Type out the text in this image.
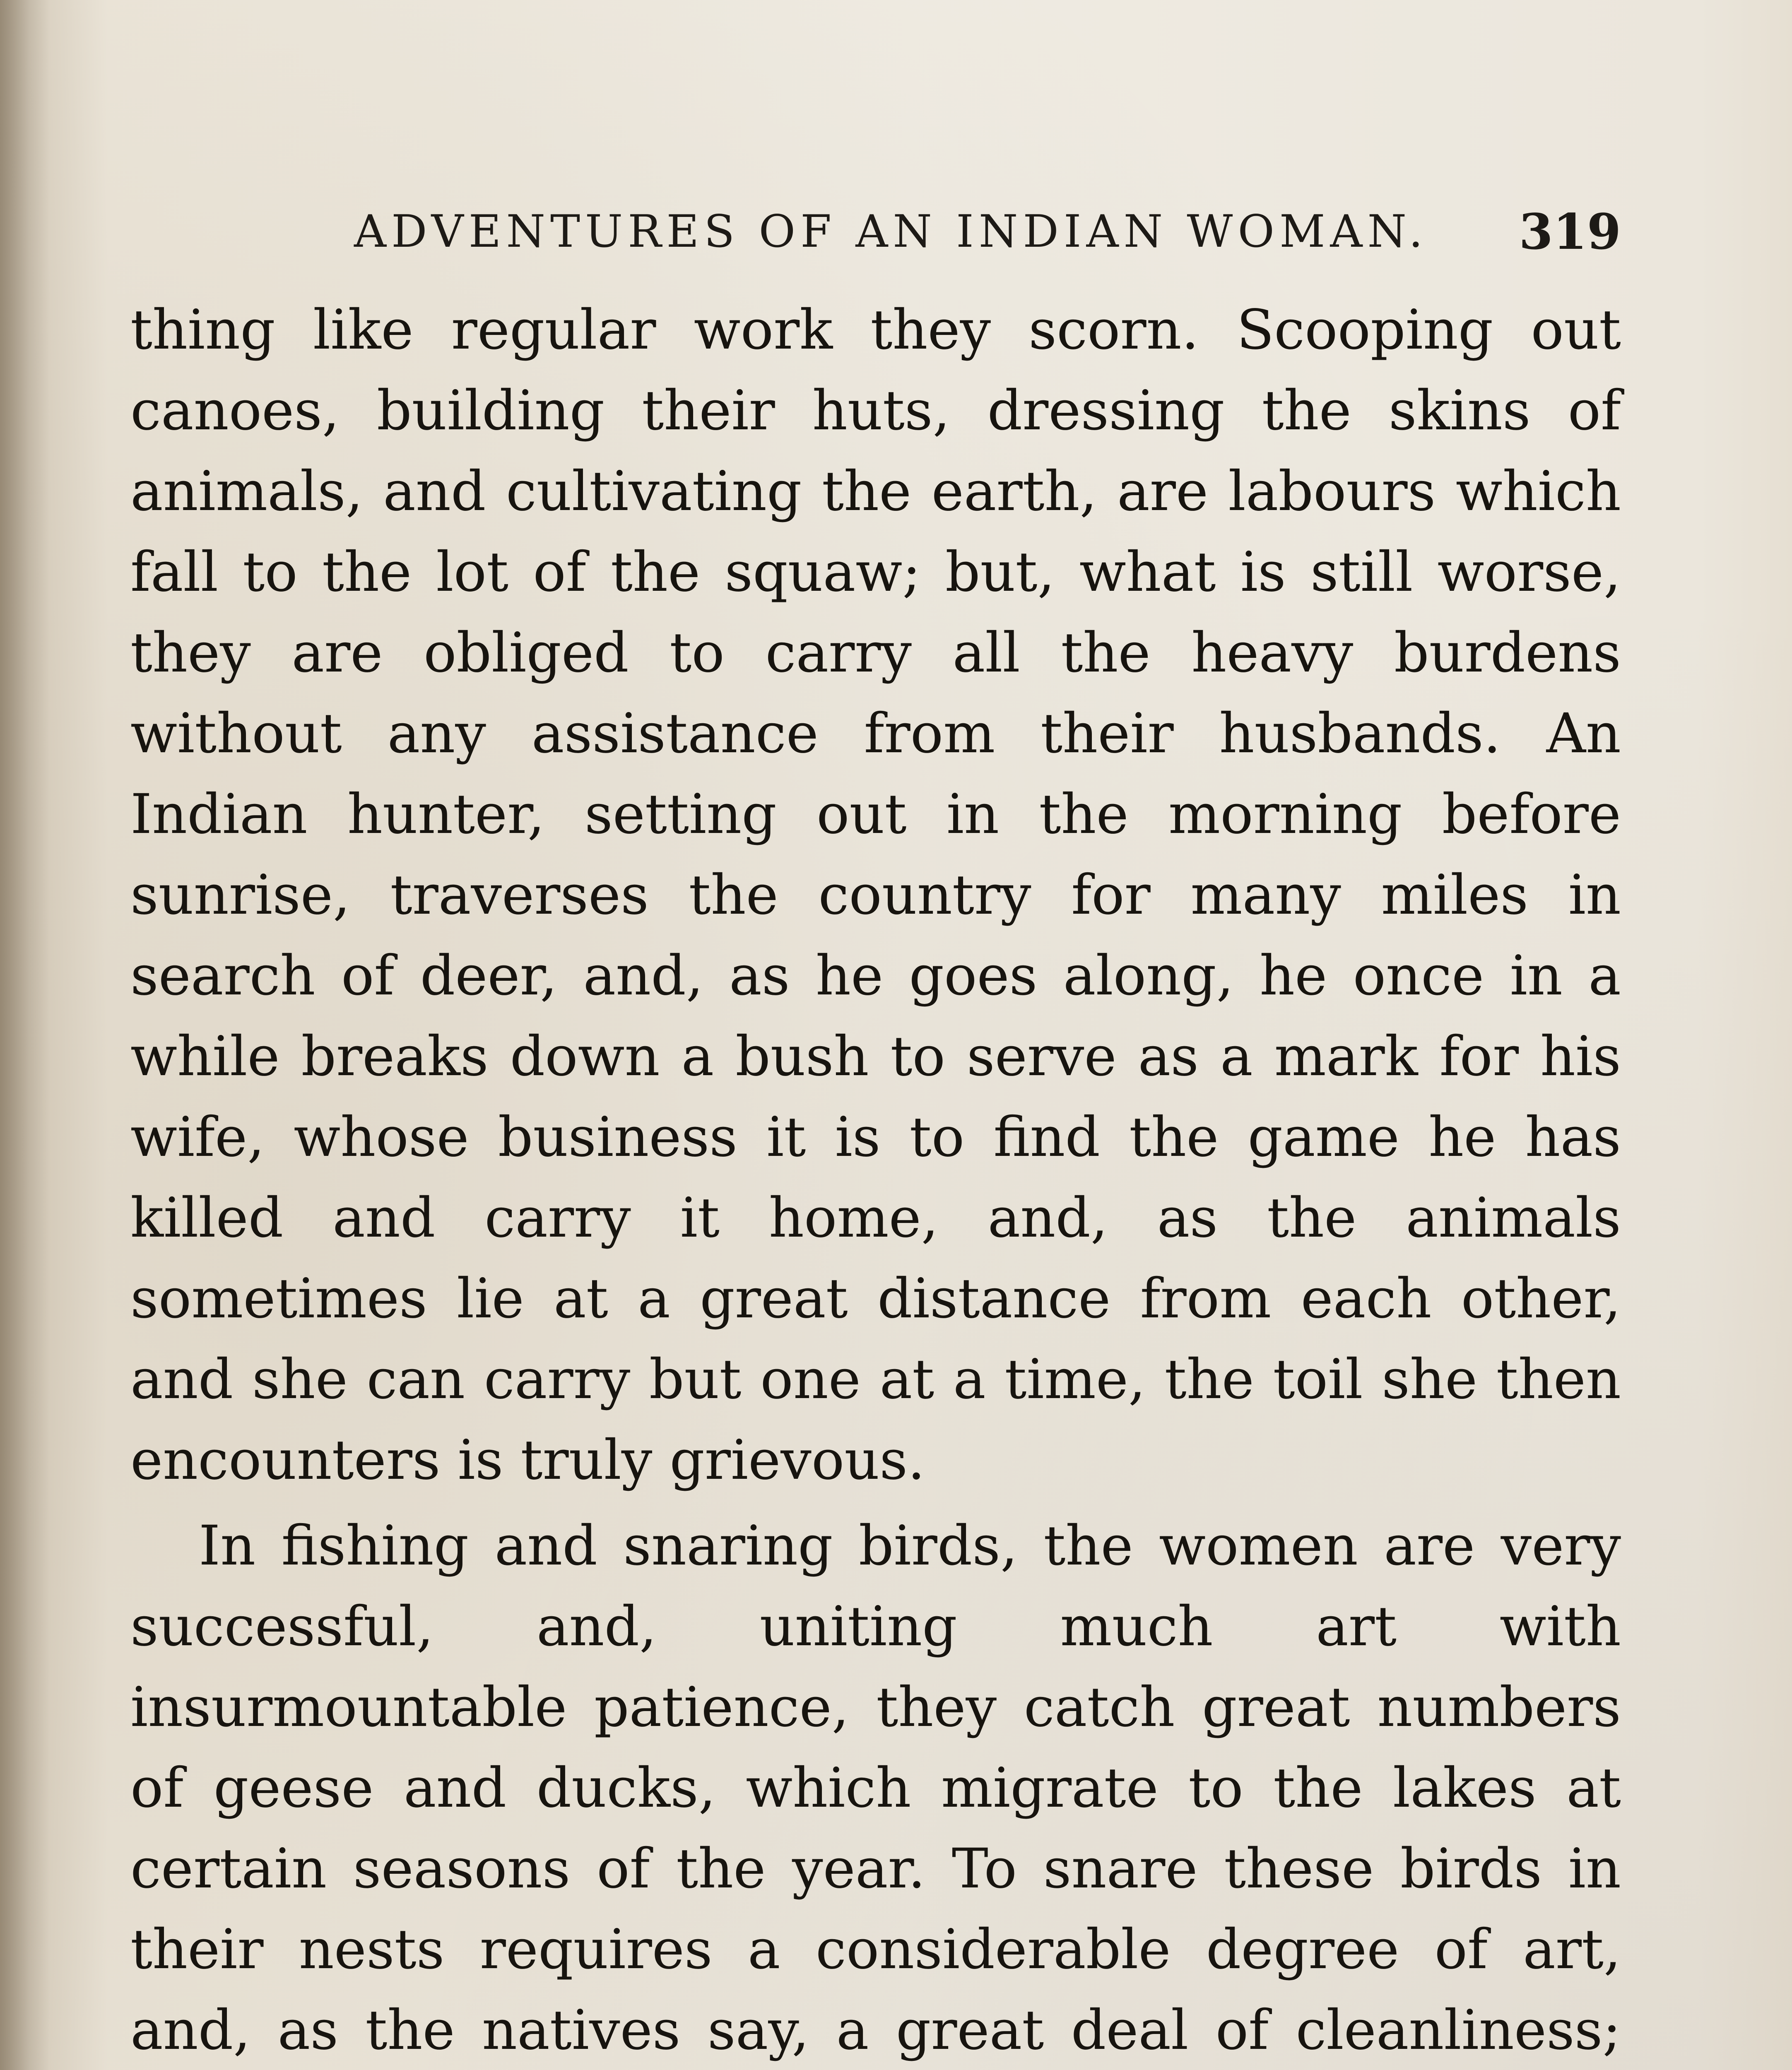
ADVENTURES OF AN INDIAN WOMAN. 319

thing like regular work they scorn. Scooping out canoes, building their huts, dressing the skins of animals, and cultivating the earth, are labours which fall to the lot of the squaw; but, what is still worse, they are obliged to carry all the heavy burdens without any assistance from their husbands. An Indian hunter, setting out in the morning before sunrise, traverses the country for many miles in search of deer, and, as he goes along, he once in a while breaks down a bush to serve as a mark for his wife, whose business it is to find the game he has killed and carry it home, and, as the animals sometimes lie at a great distance from each other, and she can carry but one at a time, the toil she then encounters is truly grievous.

In fishing and snaring birds, the women are very successful, and, uniting much art with insurmountable patience, they catch great numbers of geese and ducks, which migrate to the lakes at certain seasons of the year. To snare these birds in their nests requires a considerable degree of art, and, as the natives say, a great deal of cleanliness;
